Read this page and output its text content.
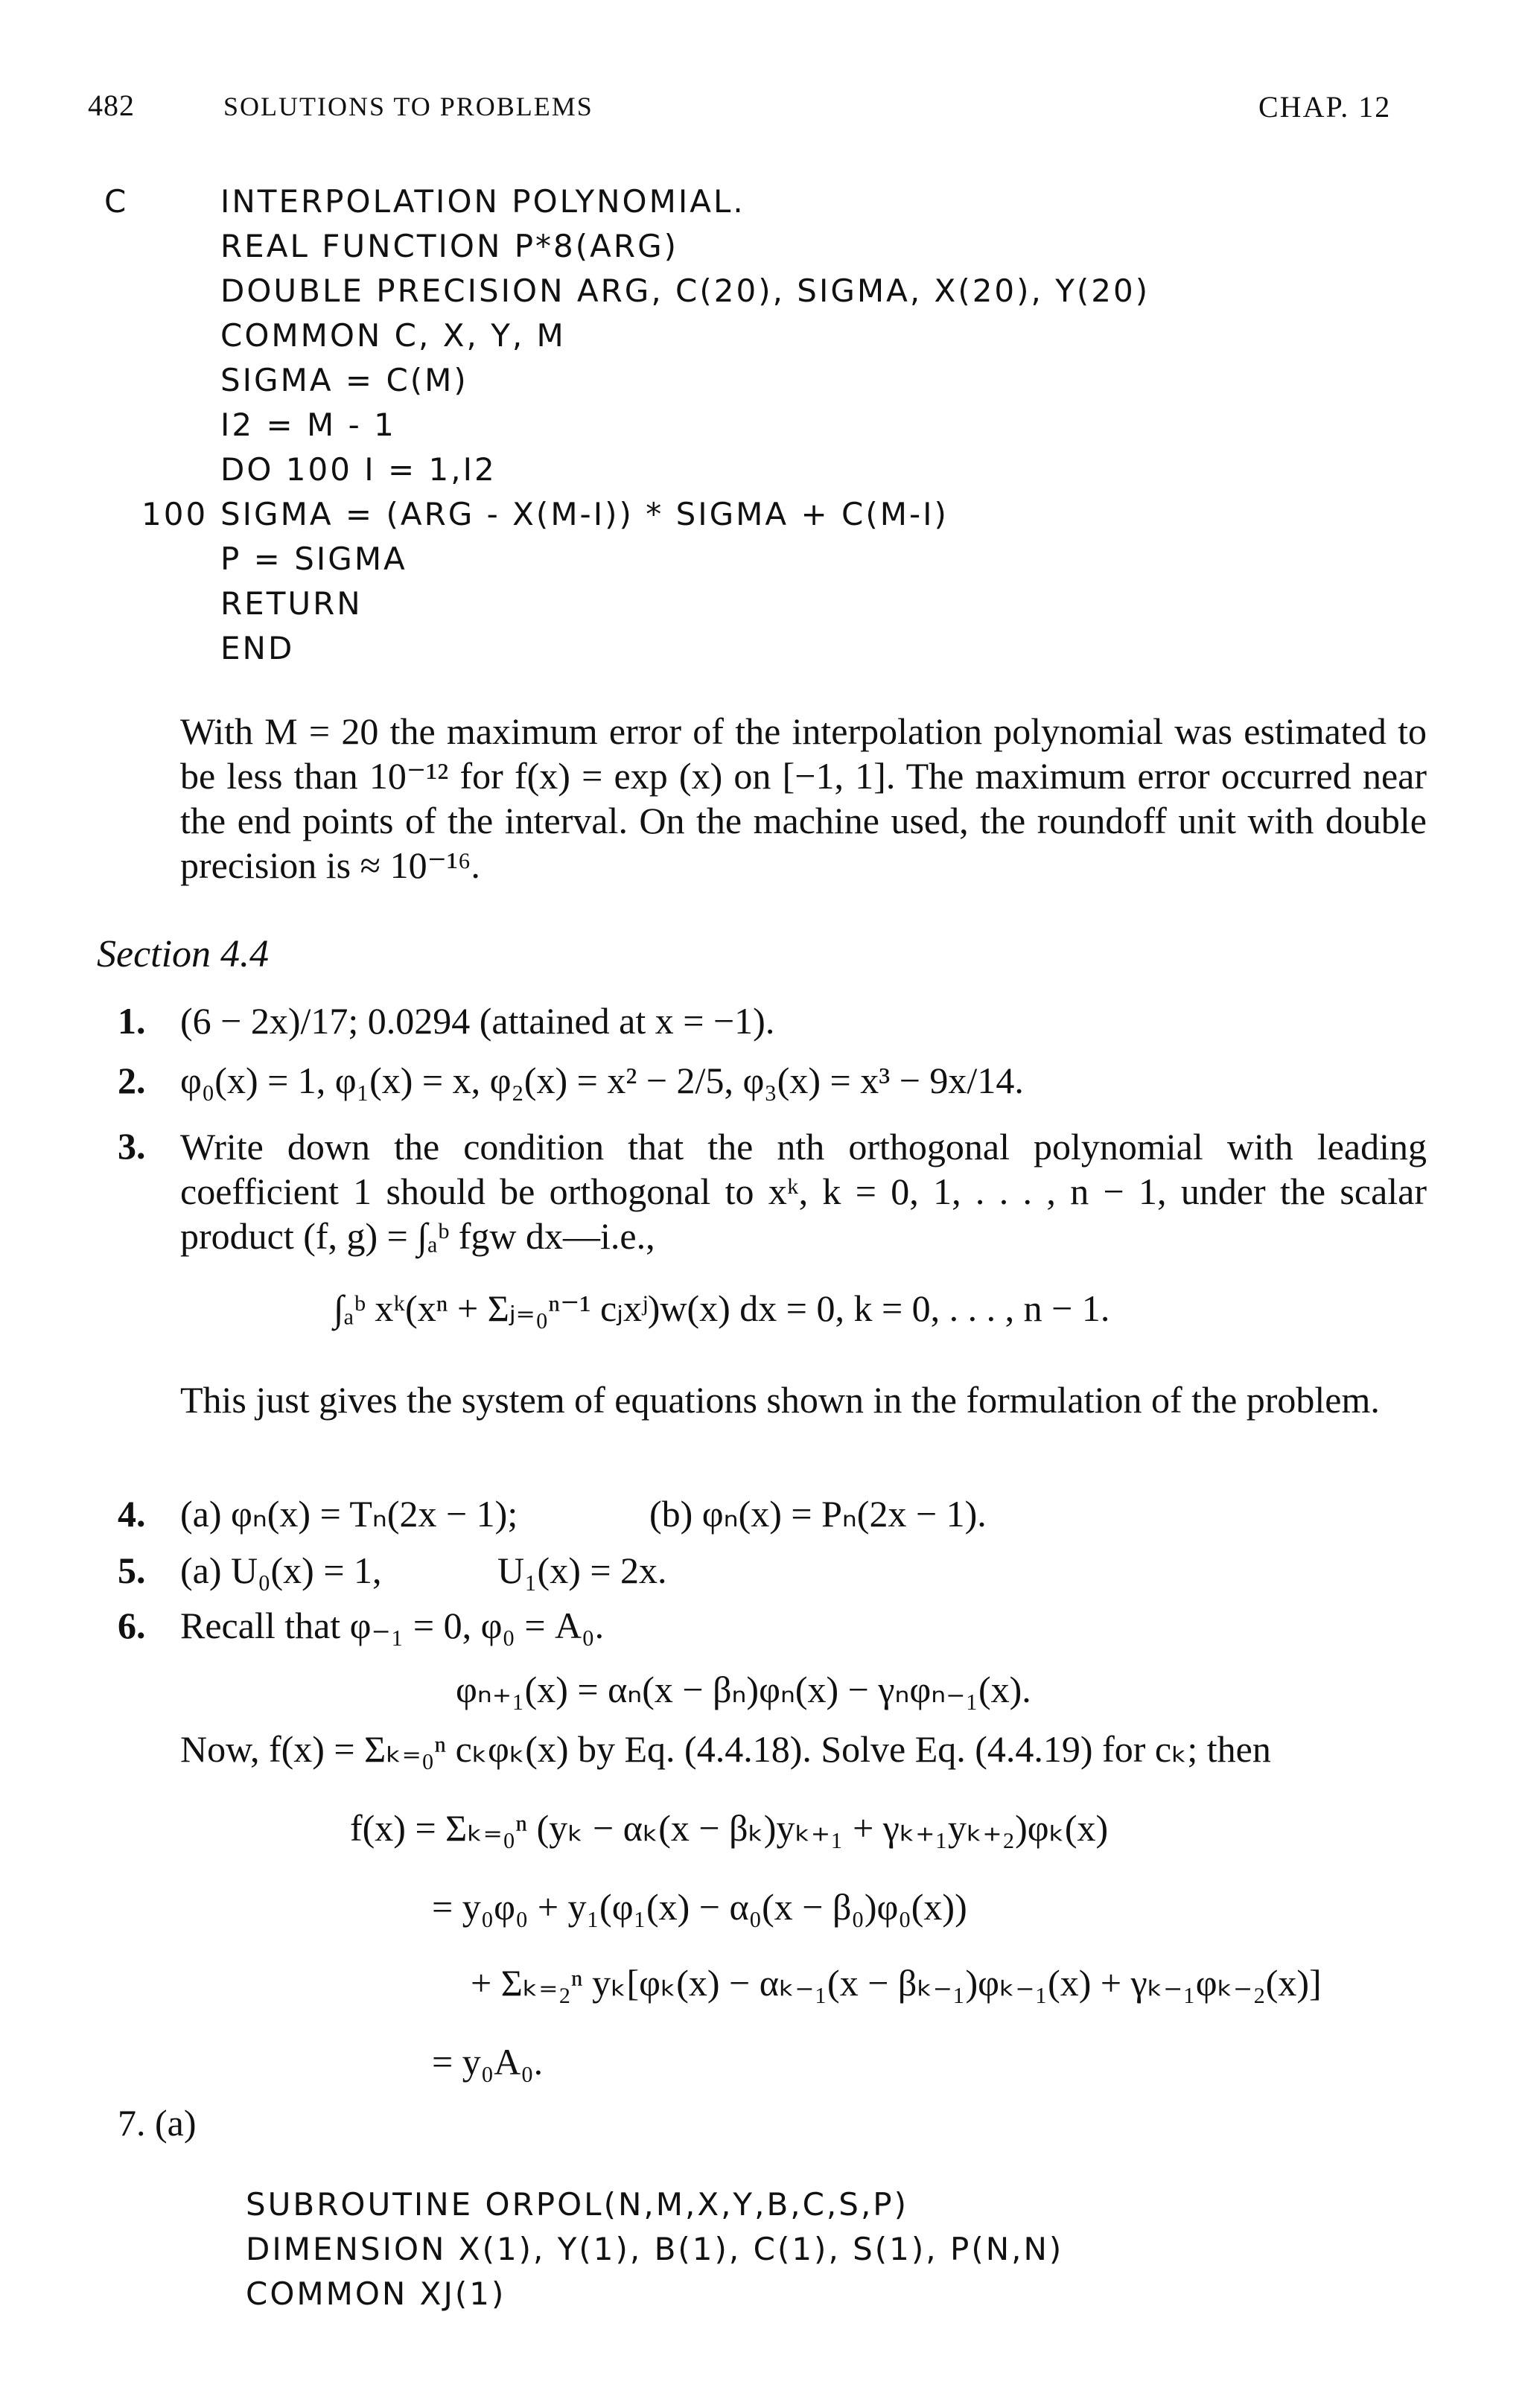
482	SOLUTIONS TO PROBLEMS	CHAP. 12
C	INTERPOLATION POLYNOMIAL.
REAL FUNCTION P*8(ARG)
DOUBLE PRECISION ARG, C(20), SIGMA, X(20), Y(20)
COMMON C, X, Y, M
SIGMA = C(M)
I2 = M - 1
DO 100 I = 1,I2
100 SIGMA = (ARG - X(M-I)) * SIGMA + C(M-I)
P = SIGMA
RETURN
END
With M = 20 the maximum error of the interpolation polynomial was estimated to be less than 10⁻¹² for f(x) = exp (x) on [−1, 1]. The maximum error occurred near the end points of the interval. On the machine used, the roundoff unit with double precision is ≈ 10⁻¹⁶.
Section 4.4
1. (6 − 2x)/17; 0.0294 (attained at x = −1).
2. φ₀(x) = 1, φ₁(x) = x, φ₂(x) = x² − 2/5, φ₃(x) = x³ − 9x/14.
3. Write down the condition that the nth orthogonal polynomial with leading coefficient 1 should be orthogonal to xᵏ, k = 0, 1, . . . , n − 1, under the scalar product (f, g) = ∫ₐᵇ fgw dx—i.e.,
∫ₐᵇ xᵏ(xⁿ + Σⱼ₌₀ⁿ⁻¹ cⱼxʲ)w(x) dx = 0, k = 0, . . . , n − 1.
This just gives the system of equations shown in the formulation of the problem.
4. (a) φₙ(x) = Tₙ(2x − 1);	(b) φₙ(x) = Pₙ(2x − 1).
5. (a) U₀(x) = 1,	U₁(x) = 2x.
6. Recall that φ₋₁ = 0, φ₀ = A₀.
φₙ₊₁(x) = αₙ(x − βₙ)φₙ(x) − γₙφₙ₋₁(x).
Now, f(x) = Σₖ₌₀ⁿ cₖφₖ(x) by Eq. (4.4.18). Solve Eq. (4.4.19) for cₖ; then
f(x) = Σₖ₌₀ⁿ (yₖ − αₖ(x − βₖ)yₖ₊₁ + γₖ₊₁yₖ₊₂)φₖ(x)
= y₀φ₀ + y₁(φ₁(x) − α₀(x − β₀)φ₀(x))
+ Σₖ₌₂ⁿ yₖ[φₖ(x) − αₖ₋₁(x − βₖ₋₁)φₖ₋₁(x) + γₖ₋₁φₖ₋₂(x)]
= y₀A₀.
7. (a)
SUBROUTINE ORPOL(N,M,X,Y,B,C,S,P)
DIMENSION X(1), Y(1), B(1), C(1), S(1), P(N,N)
COMMON XJ(1)
